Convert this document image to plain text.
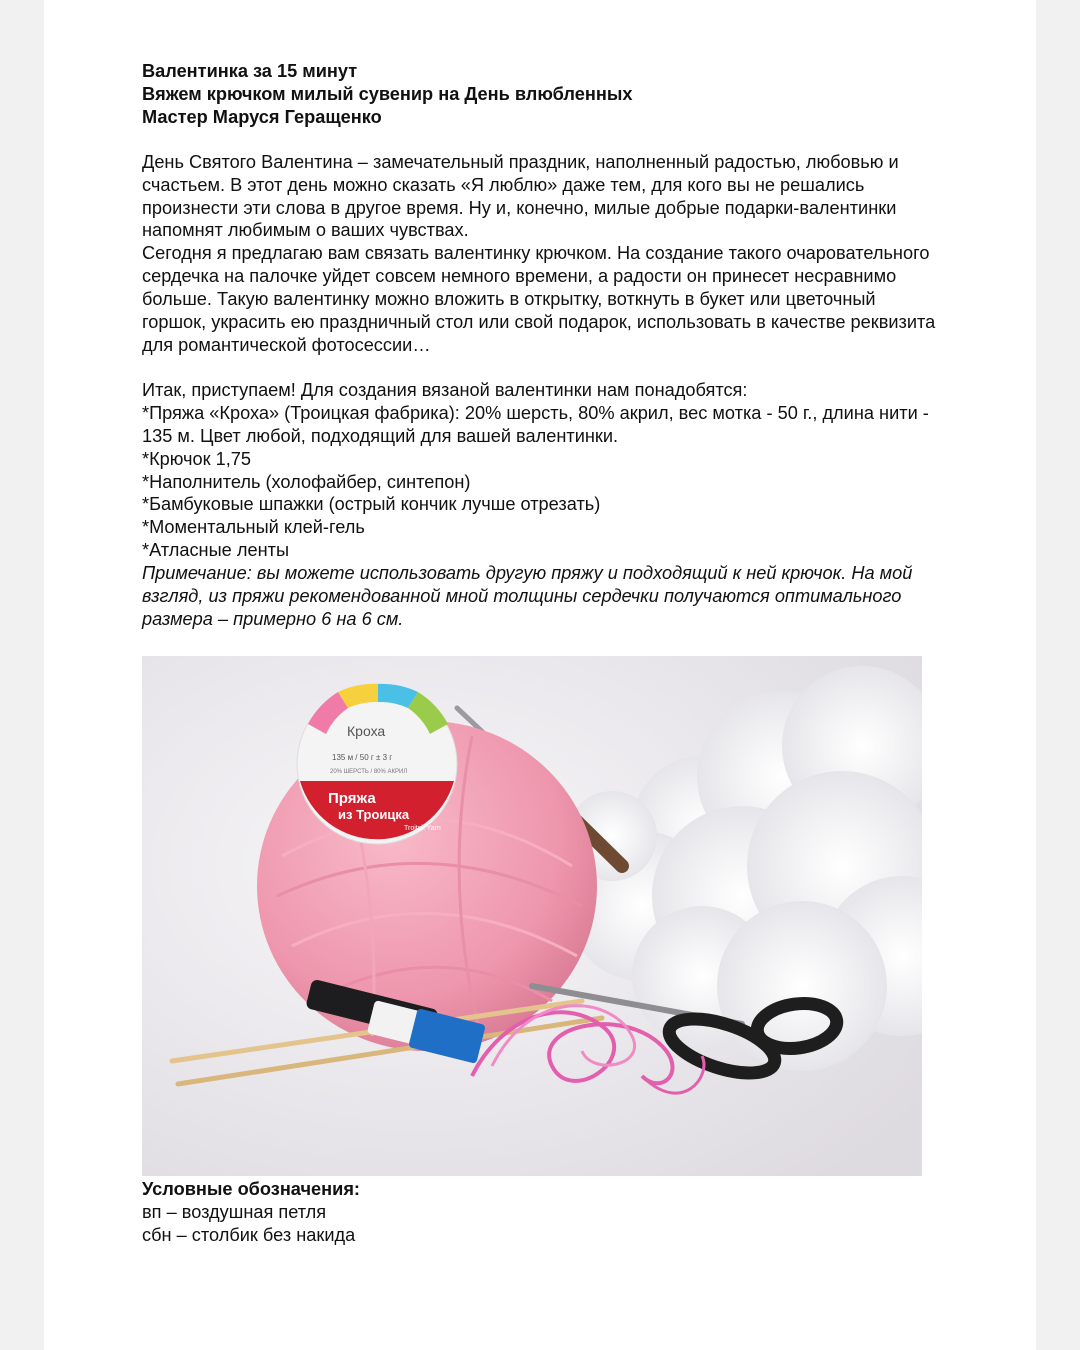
Валентинка за 15 минут

Вяжем крючком милый сувенир на День влюбленных

Мастер Маруся Геращенко

День Святого Валентина – замечательный праздник, наполненный радостью, любовью и счастьем. В этот день можно сказать «Я люблю» даже тем, для кого вы не решались произнести эти слова в другое время. Ну и, конечно, милые добрые подарки-валентинки напомнят любимым о ваших чувствах.

Сегодня я предлагаю вам связать валентинку крючком. На создание такого очаровательного сердечка на палочке уйдет совсем немного времени, а радости он принесет несравнимо больше. Такую валентинку можно вложить в открытку, воткнуть в букет или цветочный горшок, украсить ею праздничный стол или свой подарок, использовать в качестве реквизита для романтической фотосессии…

Итак, приступаем! Для создания вязаной валентинки нам понадобятся:

*Пряжа «Кроха» (Троицкая фабрика): 20% шерсть, 80% акрил, вес мотка - 50 г., длина нити - 135 м. Цвет любой, подходящий для вашей валентинки.

*Крючок 1,75

*Наполнитель (холофайбер, синтепон)

*Бамбуковые шпажки (острый кончик лучше отрезать)

*Моментальный клей-гель

*Атласные ленты

Примечание: вы можете использовать другую пряжу и подходящий к ней крючок. На мой взгляд, из пряжи рекомендованной мной толщины сердечки получаются оптимального размера – примерно 6 на 6 см.

Кроха
135 м / 50 г ± 3 г
20% ШЕРСТЬ / 80% АКРИЛ
Пряжа
из Троицка
Troitsk Yarn

Условные обозначения:

вп – воздушная петля

сбн – столбик без накида
